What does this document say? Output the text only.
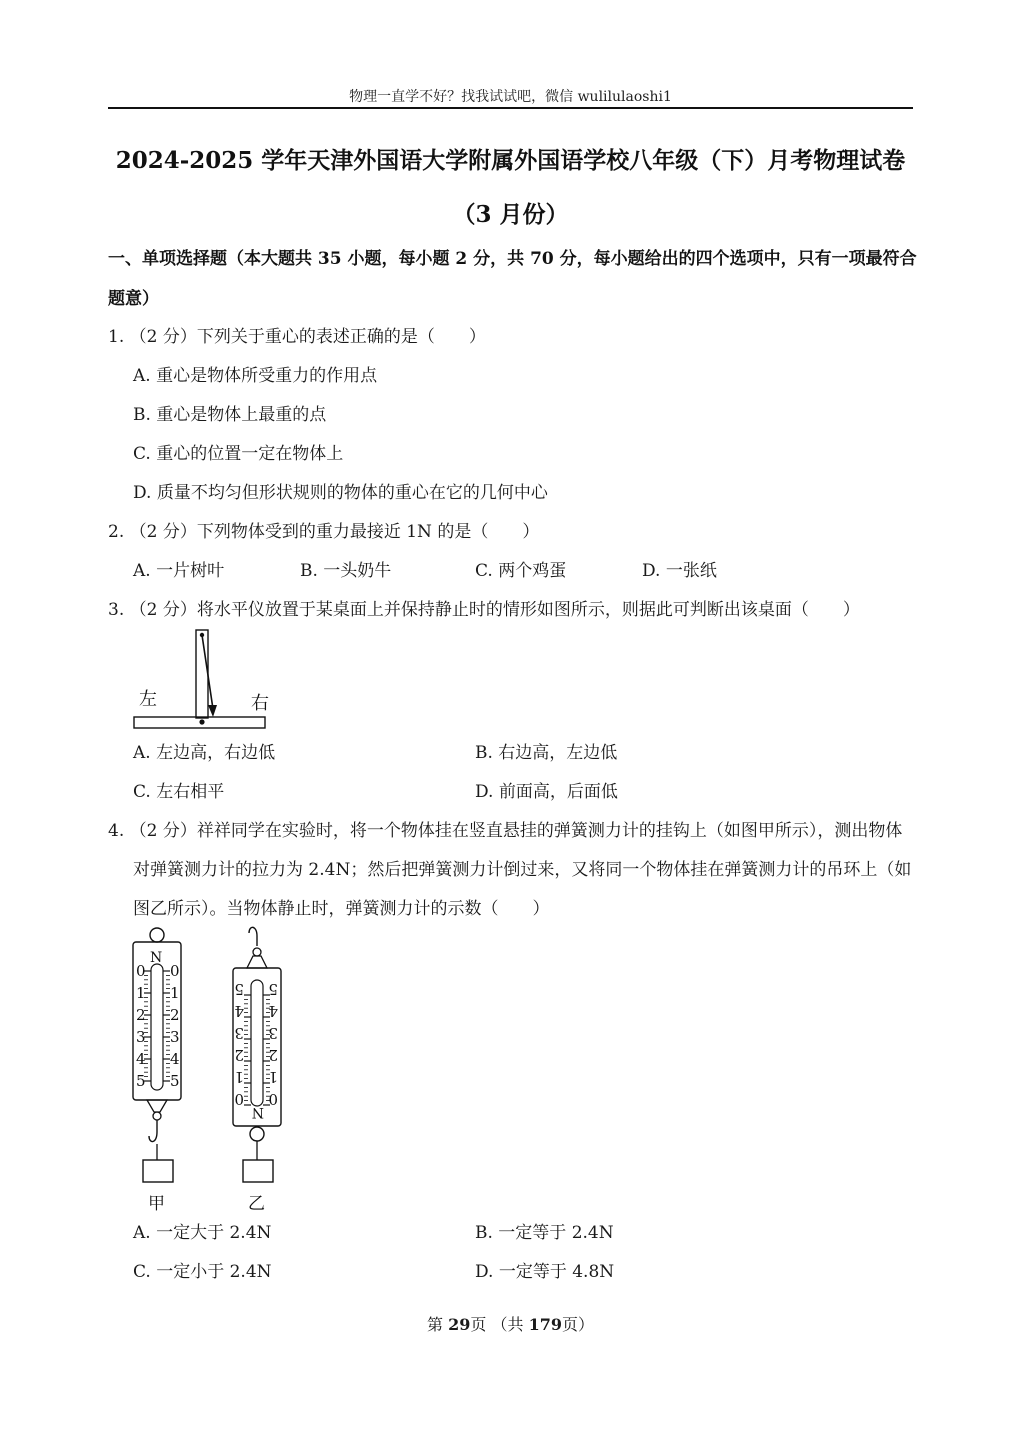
物理一直学不好？找我试试吧，微信 wulilulaoshi1
2024-2025 学年天津外国语大学附属外国语学校八年级（下）月考物理试卷
（3 月份）
一、单项选择题（本大题共 35 小题，每小题 2 分，共 70 分，每小题给出的四个选项中，只有一项最符合
题意）
1. （2 分）下列关于重心的表述正确的是（　　）
A. 重心是物体所受重力的作用点
B. 重心是物体上最重的点
C. 重心的位置一定在物体上
D. 质量不均匀但形状规则的物体的重心在它的几何中心
2. （2 分）下列物体受到的重力最接近 1N 的是（　　）
A. 一片树叶	B. 一头奶牛	C. 两个鸡蛋	D. 一张纸
3. （2 分）将水平仪放置于某桌面上并保持静止时的情形如图所示，则据此可判断出该桌面（　　）
左	右
A. 左边高，右边低	B. 右边高，左边低
C. 左右相平	D. 前面高，后面低
4. （2 分）祥祥同学在实验时，将一个物体挂在竖直悬挂的弹簧测力计的挂钩上（如图甲所示），测出物体
对弹簧测力计的拉力为 2.4N；然后把弹簧测力计倒过来，又将同一个物体挂在弹簧测力计的吊环上（如
图乙所示）。当物体静止时，弹簧测力计的示数（　　）
N
0
1
2
3
4
5
0
1
2
3
4
5
甲
N
0
1
2
3
4
5
0
1
2
3
4
5
乙
A. 一定大于 2.4N	B. 一定等于 2.4N
C. 一定小于 2.4N	D. 一定等于 4.8N
第 29页 （共 179页）
